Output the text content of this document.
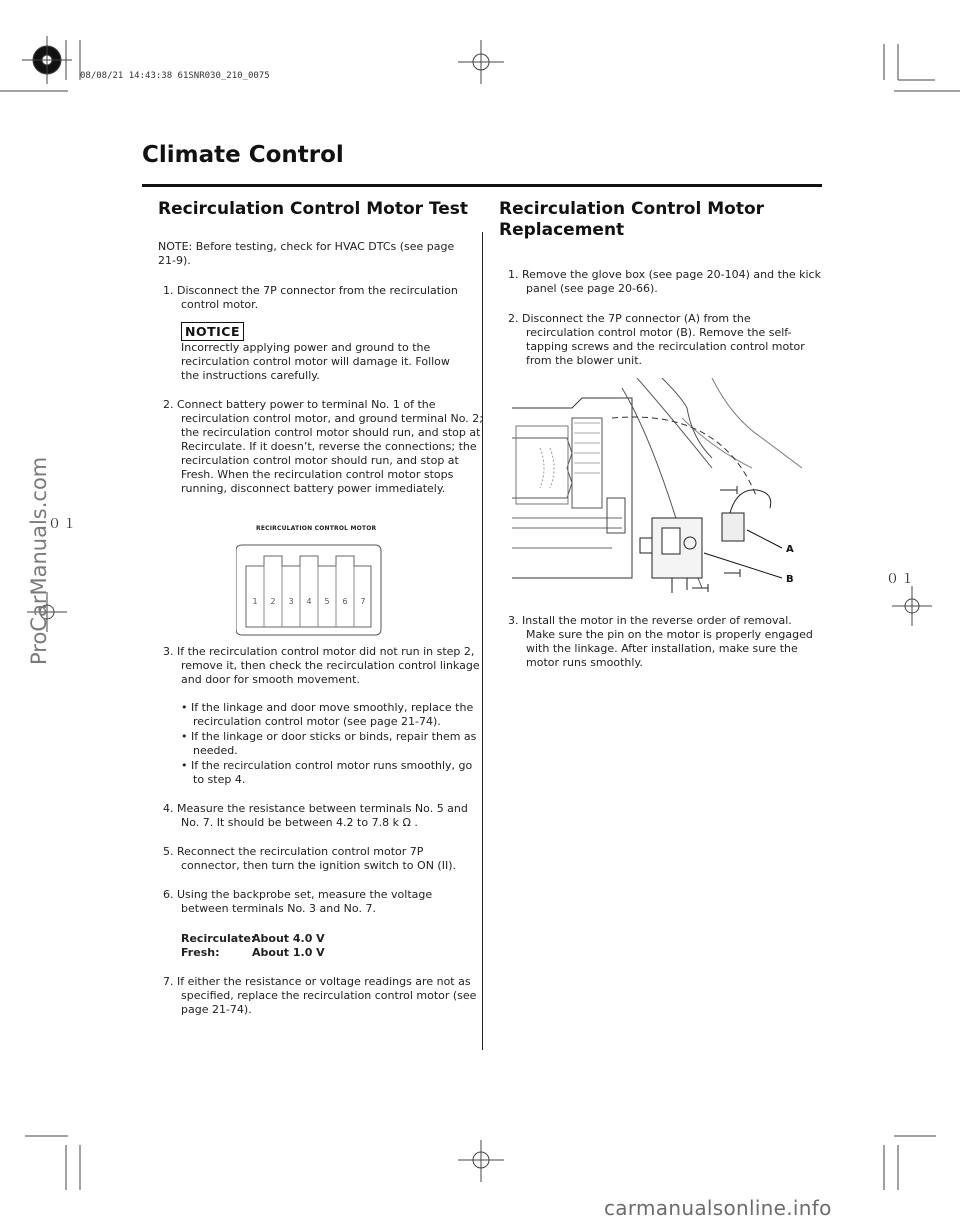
08/08/21 14:43:38 61SNR030_210_0075
ProCarManuals.com	０１
０１
Climate Control
Recirculation Control Motor Test
NOTE: Before testing, check for HVAC DTCs (see page 21-9).
1. Disconnect the 7P connector from the recirculation control motor.
NOTICE
Incorrectly applying power and ground to the recirculation control motor will damage it. Follow the instructions carefully.
2. Connect battery power to terminal No. 1 of the recirculation control motor, and ground terminal No. 2; the recirculation control motor should run, and stop at Recirculate. If it doesn’t, reverse the connections; the recirculation control motor should run, and stop at Fresh. When the recirculation control motor stops running, disconnect battery power immediately.
RECIRCULATION CONTROL MOTOR
1 2 3 4 5 6 7
3. If the recirculation control motor did not run in step 2, remove it, then check the recirculation control linkage and door for smooth movement.
• If the linkage and door move smoothly, replace the recirculation control motor (see page 21-74).
• If the linkage or door sticks or binds, repair them as needed.
• If the recirculation control motor runs smoothly, go to step 4.
4. Measure the resistance between terminals No. 5 and No. 7. It should be between 4.2 to 7.8 k Ω .
5. Reconnect the recirculation control motor 7P connector, then turn the ignition switch to ON (II).
6. Using the backprobe set, measure the voltage between terminals No. 3 and No. 7.
Recirculate:
About 4.0 V
Fresh:	About 1.0 V
7. If either the resistance or voltage readings are not as specified, replace the recirculation control motor (see page 21-74).
Recirculation Control Motor Replacement
1. Remove the glove box (see page 20-104) and the kick panel (see page 20-66).
2. Disconnect the 7P connector (A) from the recirculation control motor (B). Remove the self-tapping screws and the recirculation control motor from the blower unit.
A
B
3. Install the motor in the reverse order of removal. Make sure the pin on the motor is properly engaged with the linkage. After installation, make sure the motor runs smoothly.
carmanualsonline.info
